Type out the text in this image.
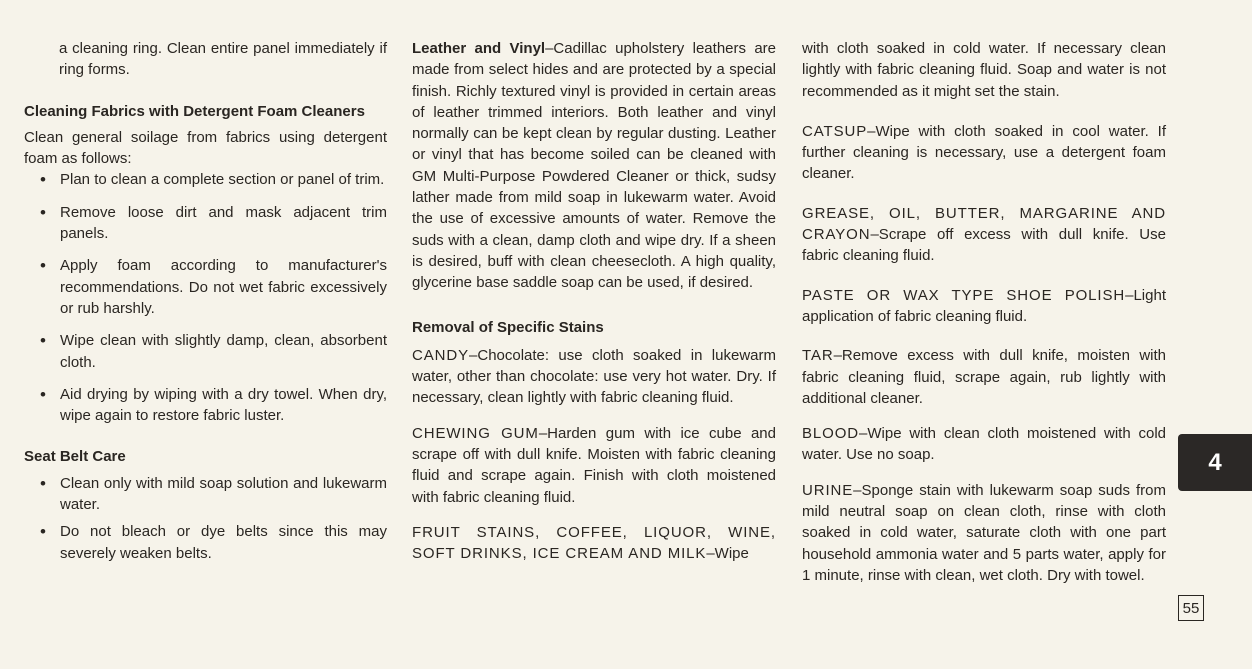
a cleaning ring. Clean entire panel immediately if ring forms.

Cleaning Fabrics with Detergent Foam Cleaners

Clean general soilage from fabrics using detergent foam as follows:

• Plan to clean a complete section or panel of trim.
• Remove loose dirt and mask adjacent trim panels.
• Apply foam according to manufacturer's recommendations. Do not wet fabric excessively or rub harshly.
• Wipe clean with slightly damp, clean, absorbent cloth.
• Aid drying by wiping with a dry towel. When dry, wipe again to restore fabric luster.

Seat Belt Care

• Clean only with mild soap solution and lukewarm water.
• Do not bleach or dye belts since this may severely weaken belts.

Leather and Vinyl–Cadillac upholstery leathers are made from select hides and are protected by a special finish. Richly textured vinyl is provided in certain areas of leather trimmed interiors. Both leather and vinyl normally can be kept clean by regular dusting. Leather or vinyl that has become soiled can be cleaned with GM Multi-Purpose Powdered Cleaner or thick, sudsy lather made from mild soap in lukewarm water. Avoid the use of excessive amounts of water. Remove the suds with a clean, damp cloth and wipe dry. If a sheen is desired, buff with clean cheesecloth. A high quality, glycerine base saddle soap can be used, if desired.

Removal of Specific Stains

CANDY–Chocolate: use cloth soaked in lukewarm water, other than chocolate: use very hot water. Dry. If necessary, clean lightly with fabric cleaning fluid.

CHEWING GUM–Harden gum with ice cube and scrape off with dull knife. Moisten with fabric cleaning fluid and scrape again. Finish with cloth moistened with fabric cleaning fluid.

FRUIT STAINS, COFFEE, LIQUOR, WINE, SOFT DRINKS, ICE CREAM AND MILK–Wipe

with cloth soaked in cold water. If necessary clean lightly with fabric cleaning fluid. Soap and water is not recommended as it might set the stain.

CATSUP–Wipe with cloth soaked in cool water. If further cleaning is necessary, use a detergent foam cleaner.

GREASE, OIL, BUTTER, MARGARINE AND CRAYON–Scrape off excess with dull knife. Use fabric cleaning fluid.

PASTE OR WAX TYPE SHOE POLISH–Light application of fabric cleaning fluid.

TAR–Remove excess with dull knife, moisten with fabric cleaning fluid, scrape again, rub lightly with additional cleaner.

BLOOD–Wipe with clean cloth moistened with cold water. Use no soap.

URINE–Sponge stain with lukewarm soap suds from mild neutral soap on clean cloth, rinse with cloth soaked in cold water, saturate cloth with one part household ammonia water and 5 parts water, apply for 1 minute, rinse with clean, wet cloth. Dry with towel.

4
55
